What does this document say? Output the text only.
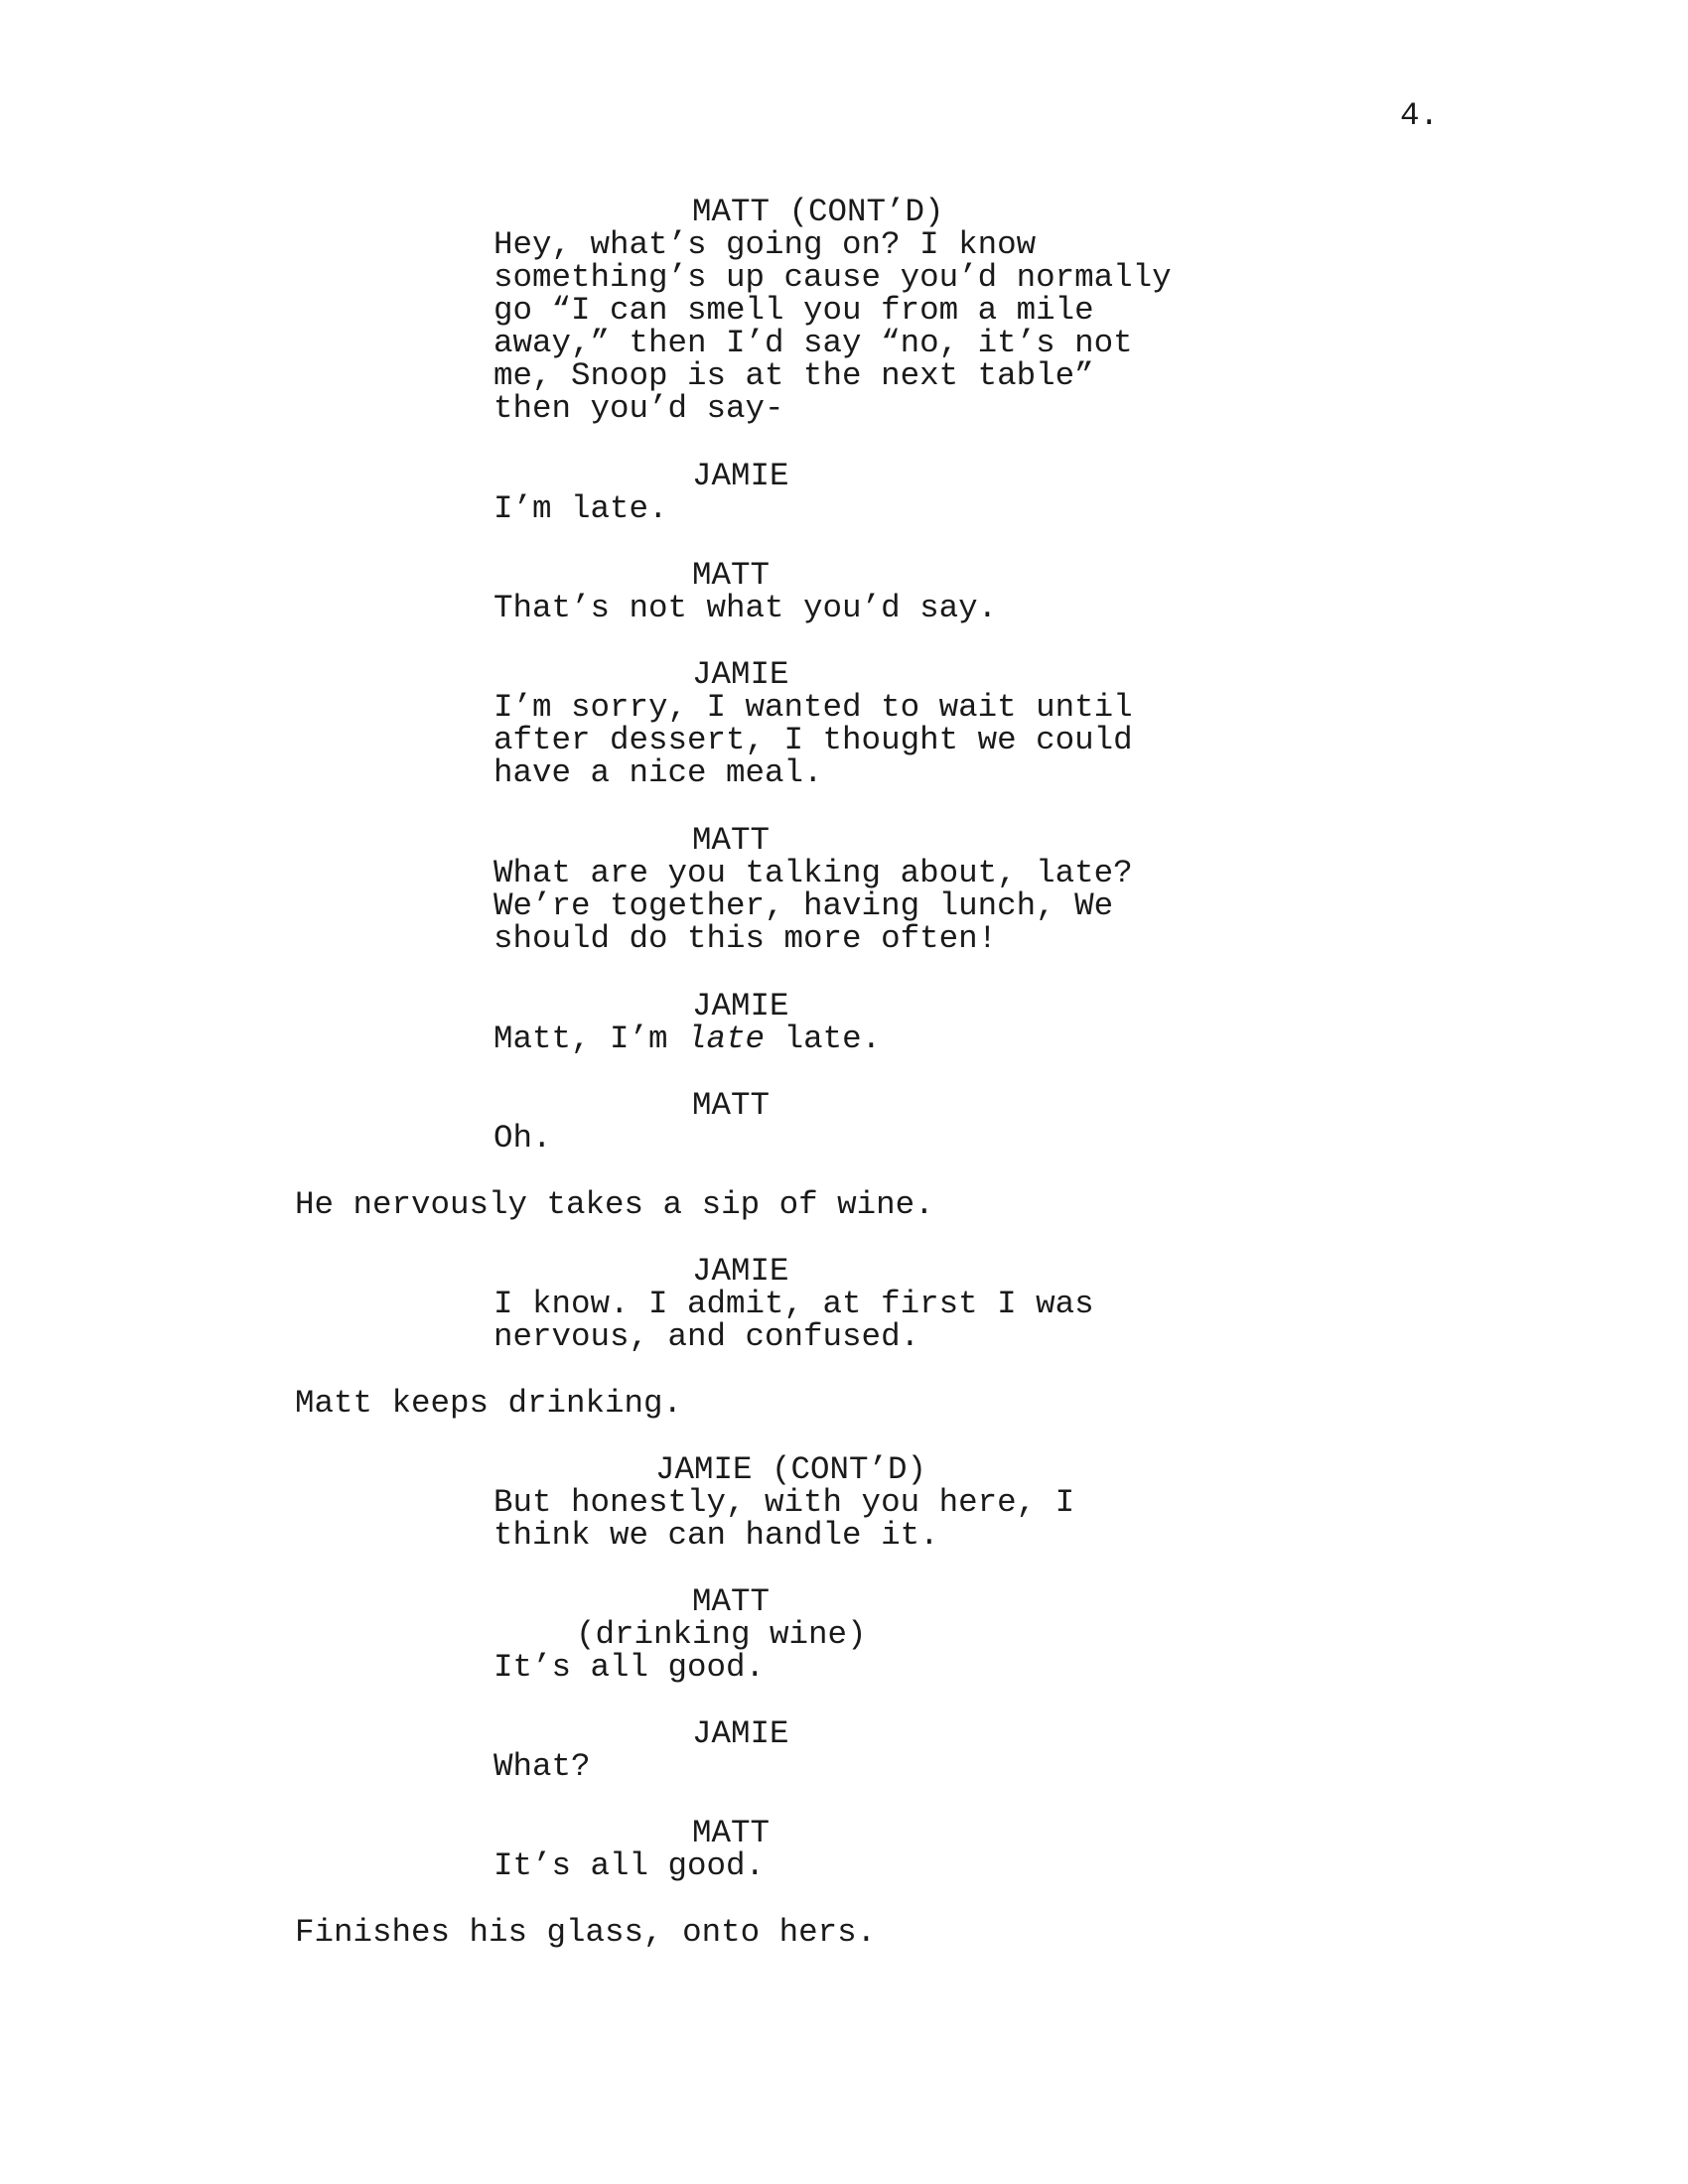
4.
MATT (CONT’D)
Hey, what’s going on? I know
something’s up cause you’d normally
go “I can smell you from a mile
away,” then I’d say “no, it’s not
me, Snoop is at the next table”
then you’d say-
JAMIE
I’m late.
MATT
That’s not what you’d say.
JAMIE
I’m sorry, I wanted to wait until
after dessert, I thought we could
have a nice meal.
MATT
What are you talking about, late?
We’re together, having lunch, We
should do this more often!
JAMIE
Matt, I’m late late.
MATT
Oh.
He nervously takes a sip of wine.
JAMIE
I know. I admit, at first I was
nervous, and confused.
Matt keeps drinking.
JAMIE (CONT’D)
But honestly, with you here, I
think we can handle it.
MATT
(drinking wine)
It’s all good.
JAMIE
What?
MATT
It’s all good.
Finishes his glass, onto hers.
